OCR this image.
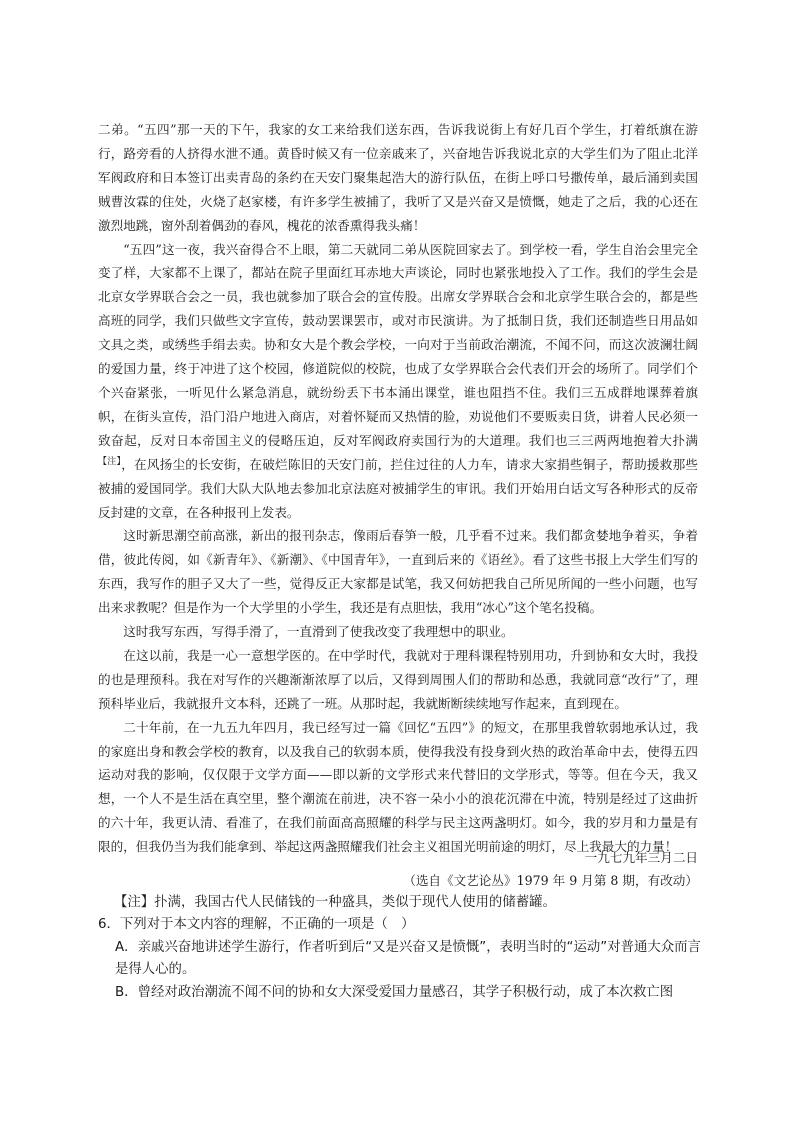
二弟。“五四”那一天的下午，我家的女工来给我们送东西，告诉我说街上有好几百个学生，打着纸旗在游行，路旁看的人挤得水泄不通。黄昏时候又有一位亲戚来了，兴奋地告诉我说北京的大学生们为了阻止北洋军阀政府和日本签订出卖青岛的条约在天安门聚集起浩大的游行队伍，在街上呼口号撒传单，最后涌到卖国贼曹汝霖的住处，火烧了赵家楼，有许多学生被捕了，我听了又是兴奋又是愤慨，她走了之后，我的心还在激烈地跳，窗外刮着偶劲的春风，槐花的浓香熏得我头痛！

“五四”这一夜，我兴奋得合不上眼，第二天就同二弟从医院回家去了。到学校一看，学生自治会里完全变了样，大家都不上课了，都站在院子里面红耳赤地大声谈论，同时也紧张地投入了工作。我们的学生会是北京女学界联合会之一员，我也就参加了联合会的宣传股。出席女学界联合会和北京学生联合会的，都是些高班的同学，我们只做些文字宣传，鼓动罢课罢市，或对市民演讲。为了抵制日货，我们还制造些日用品如文具之类，或绣些手绢去卖。协和女大是个教会学校，一向对于当前政治潮流，不闻不问，而这次波澜壮阔的爱国力量，终于冲进了这个校园，修道院似的校院，也成了女学界联合会代表们开会的场所了。同学们个个兴奋紧张，一听见什么紧急消息，就纷纷丢下书本涌出课堂，谁也阻挡不住。我们三五成群地课葬着旗帜，在街头宣传，沿门沿户地进入商店，对着怀疑而又热情的脸，劝说他们不要贩卖日货，讲着人民必须一致奋起，反对日本帝国主义的侵略压迫，反对军阀政府卖国行为的大道理。我们也三三两两地抱着大扑满$^{【注】}$，在风扬尘的长安街，在破烂陈旧的天安门前，拦住过往的人力车，请求大家捐些铜子，帮助援救那些被捕的爱国同学。我们大队大队地去参加北京法庭对被捕学生的审讯。我们开始用白话文写各种形式的反帝反封建的文章，在各种报刊上发表。

这时新思潮空前高涨，新出的报刊杂志，像雨后春笋一般，几乎看不过来。我们都贪婪地争着买，争着借，彼此传阅，如《新青年》、《新潮》、《中国青年》，一直到后来的《语丝》。看了这些书报上大学生们写的东西，我写作的胆子又大了一些，觉得反正大家都是试笔，我又何妨把我自己所见所闻的一些小问题，也写出来求教呢？但是作为一个大学里的小学生，我还是有点胆怯，我用“冰心”这个笔名投稿。

这时我写东西，写得手滑了，一直滑到了使我改变了我理想中的职业。

在这以前，我是一心一意想学医的。在中学时代，我就对于理科课程特别用功，升到协和女大时，我投的也是理预科。我在对写作的兴趣渐渐浓厚了以后，又得到周围人们的帮助和怂恿，我就同意“改行”了，理预科毕业后，我就报升文本科，还跳了一班。从那时起，我就断断续续地写作起来，直到现在。

二十年前，在一九五九年四月，我已经写过一篇《回忆“五四”》的短文，在那里我曾软弱地承认过，我的家庭出身和教会学校的教育，以及我自己的软弱本质，使得我没有投身到火热的政治革命中去，使得五四运动对我的影响，仅仅限于文学方面——即以新的文学形式来代替旧的文学形式，等等。但在今天，我又想，一个人不是生活在真空里，整个潮流在前进，决不容一朵小小的浪花沉滞在中流，特别是经过了这曲折的六十年，我更认清、看准了，在我们前面高高照耀的科学与民主这两盏明灯。如今，我的岁月和力量是有限的，但我仍当为我们能拿到、举起这两盏照耀我们社会主义祖国光明前途的明灯，尽上我最大的力量！

一九七九年三月二日
（选自《文艺论丛》1979 年 9 月第 8 期，有改动）
【注】扑满，我国古代人民储钱的一种盛具，类似于现代人使用的储蓄罐。

6．下列对于本文内容的理解，不正确的一项是（　）

A．亲戚兴奋地讲述学生游行，作者听到后“又是兴奋又是愤慨”，表明当时的“运动”对普通大众而言是得人心的。

B．曾经对政治潮流不闻不问的协和女大深受爱国力量感召，其学子积极行动，成了本次救亡图
